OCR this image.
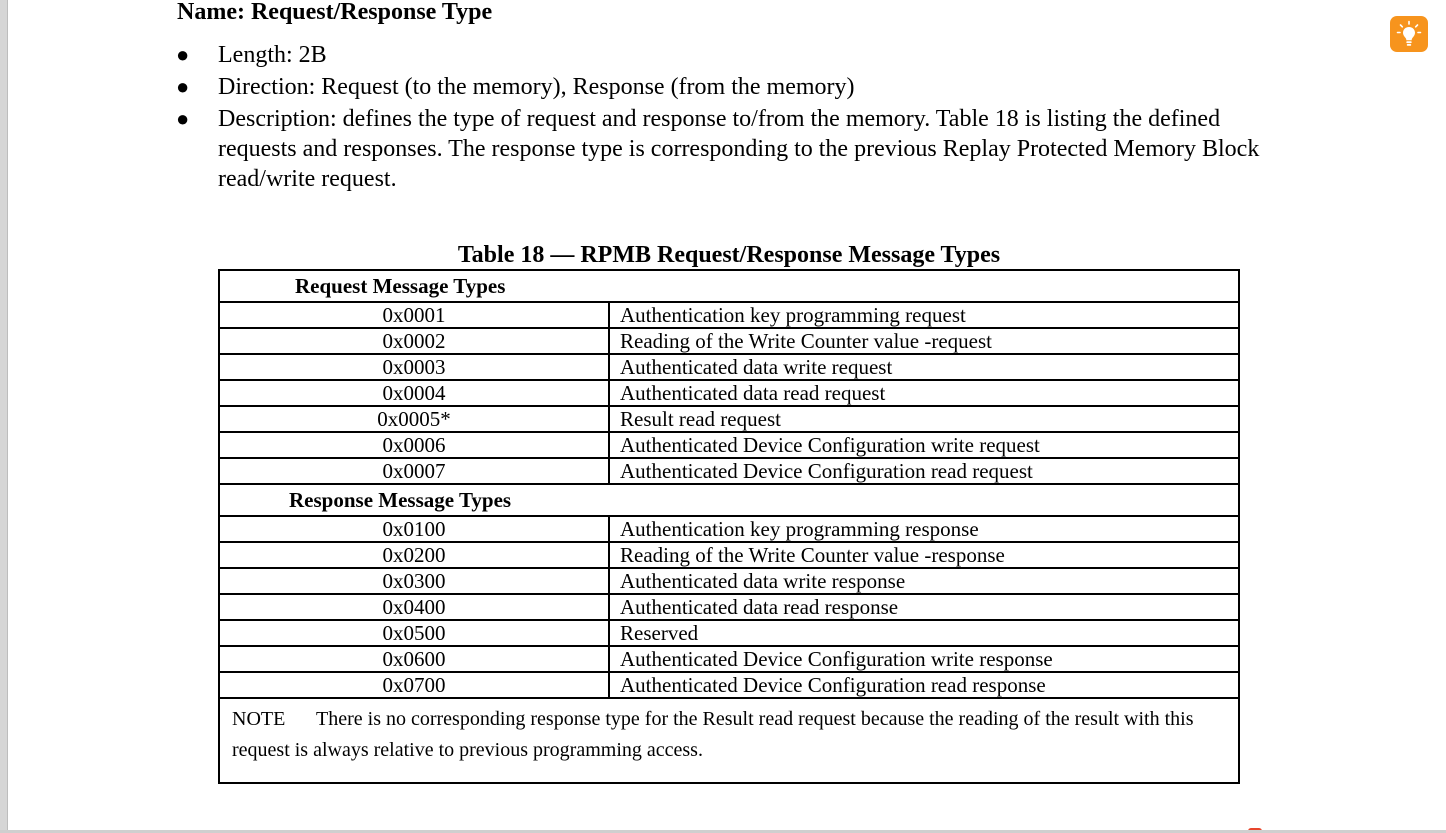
Name: Request/Response Type
● Length: 2B
● Direction: Request (to the memory), Response (from the memory)
● Description: defines the type of request and response to/from the memory. Table 18 is listing the defined requests and responses. The response type is corresponding to the previous Replay Protected Memory Block read/write request.
Table 18 — RPMB Request/Response Message Types
Request Message Types	
0x0001	Authentication key programming request
0x0002	Reading of the Write Counter value -request
0x0003	Authenticated data write request
0x0004	Authenticated data read request
0x0005*	Result read request
0x0006	Authenticated Device Configuration write request
0x0007	Authenticated Device Configuration read request
Response Message Types	
0x0100	Authentication key programming response
0x0200	Reading of the Write Counter value -response
0x0300	Authenticated data write response
0x0400	Authenticated data read response
0x0500	Reserved
0x0600	Authenticated Device Configuration write response
0x0700	Authenticated Device Configuration read response
NOTE There is no corresponding response type for the Result read request because the reading of the result with this request is always relative to previous programming access.	
